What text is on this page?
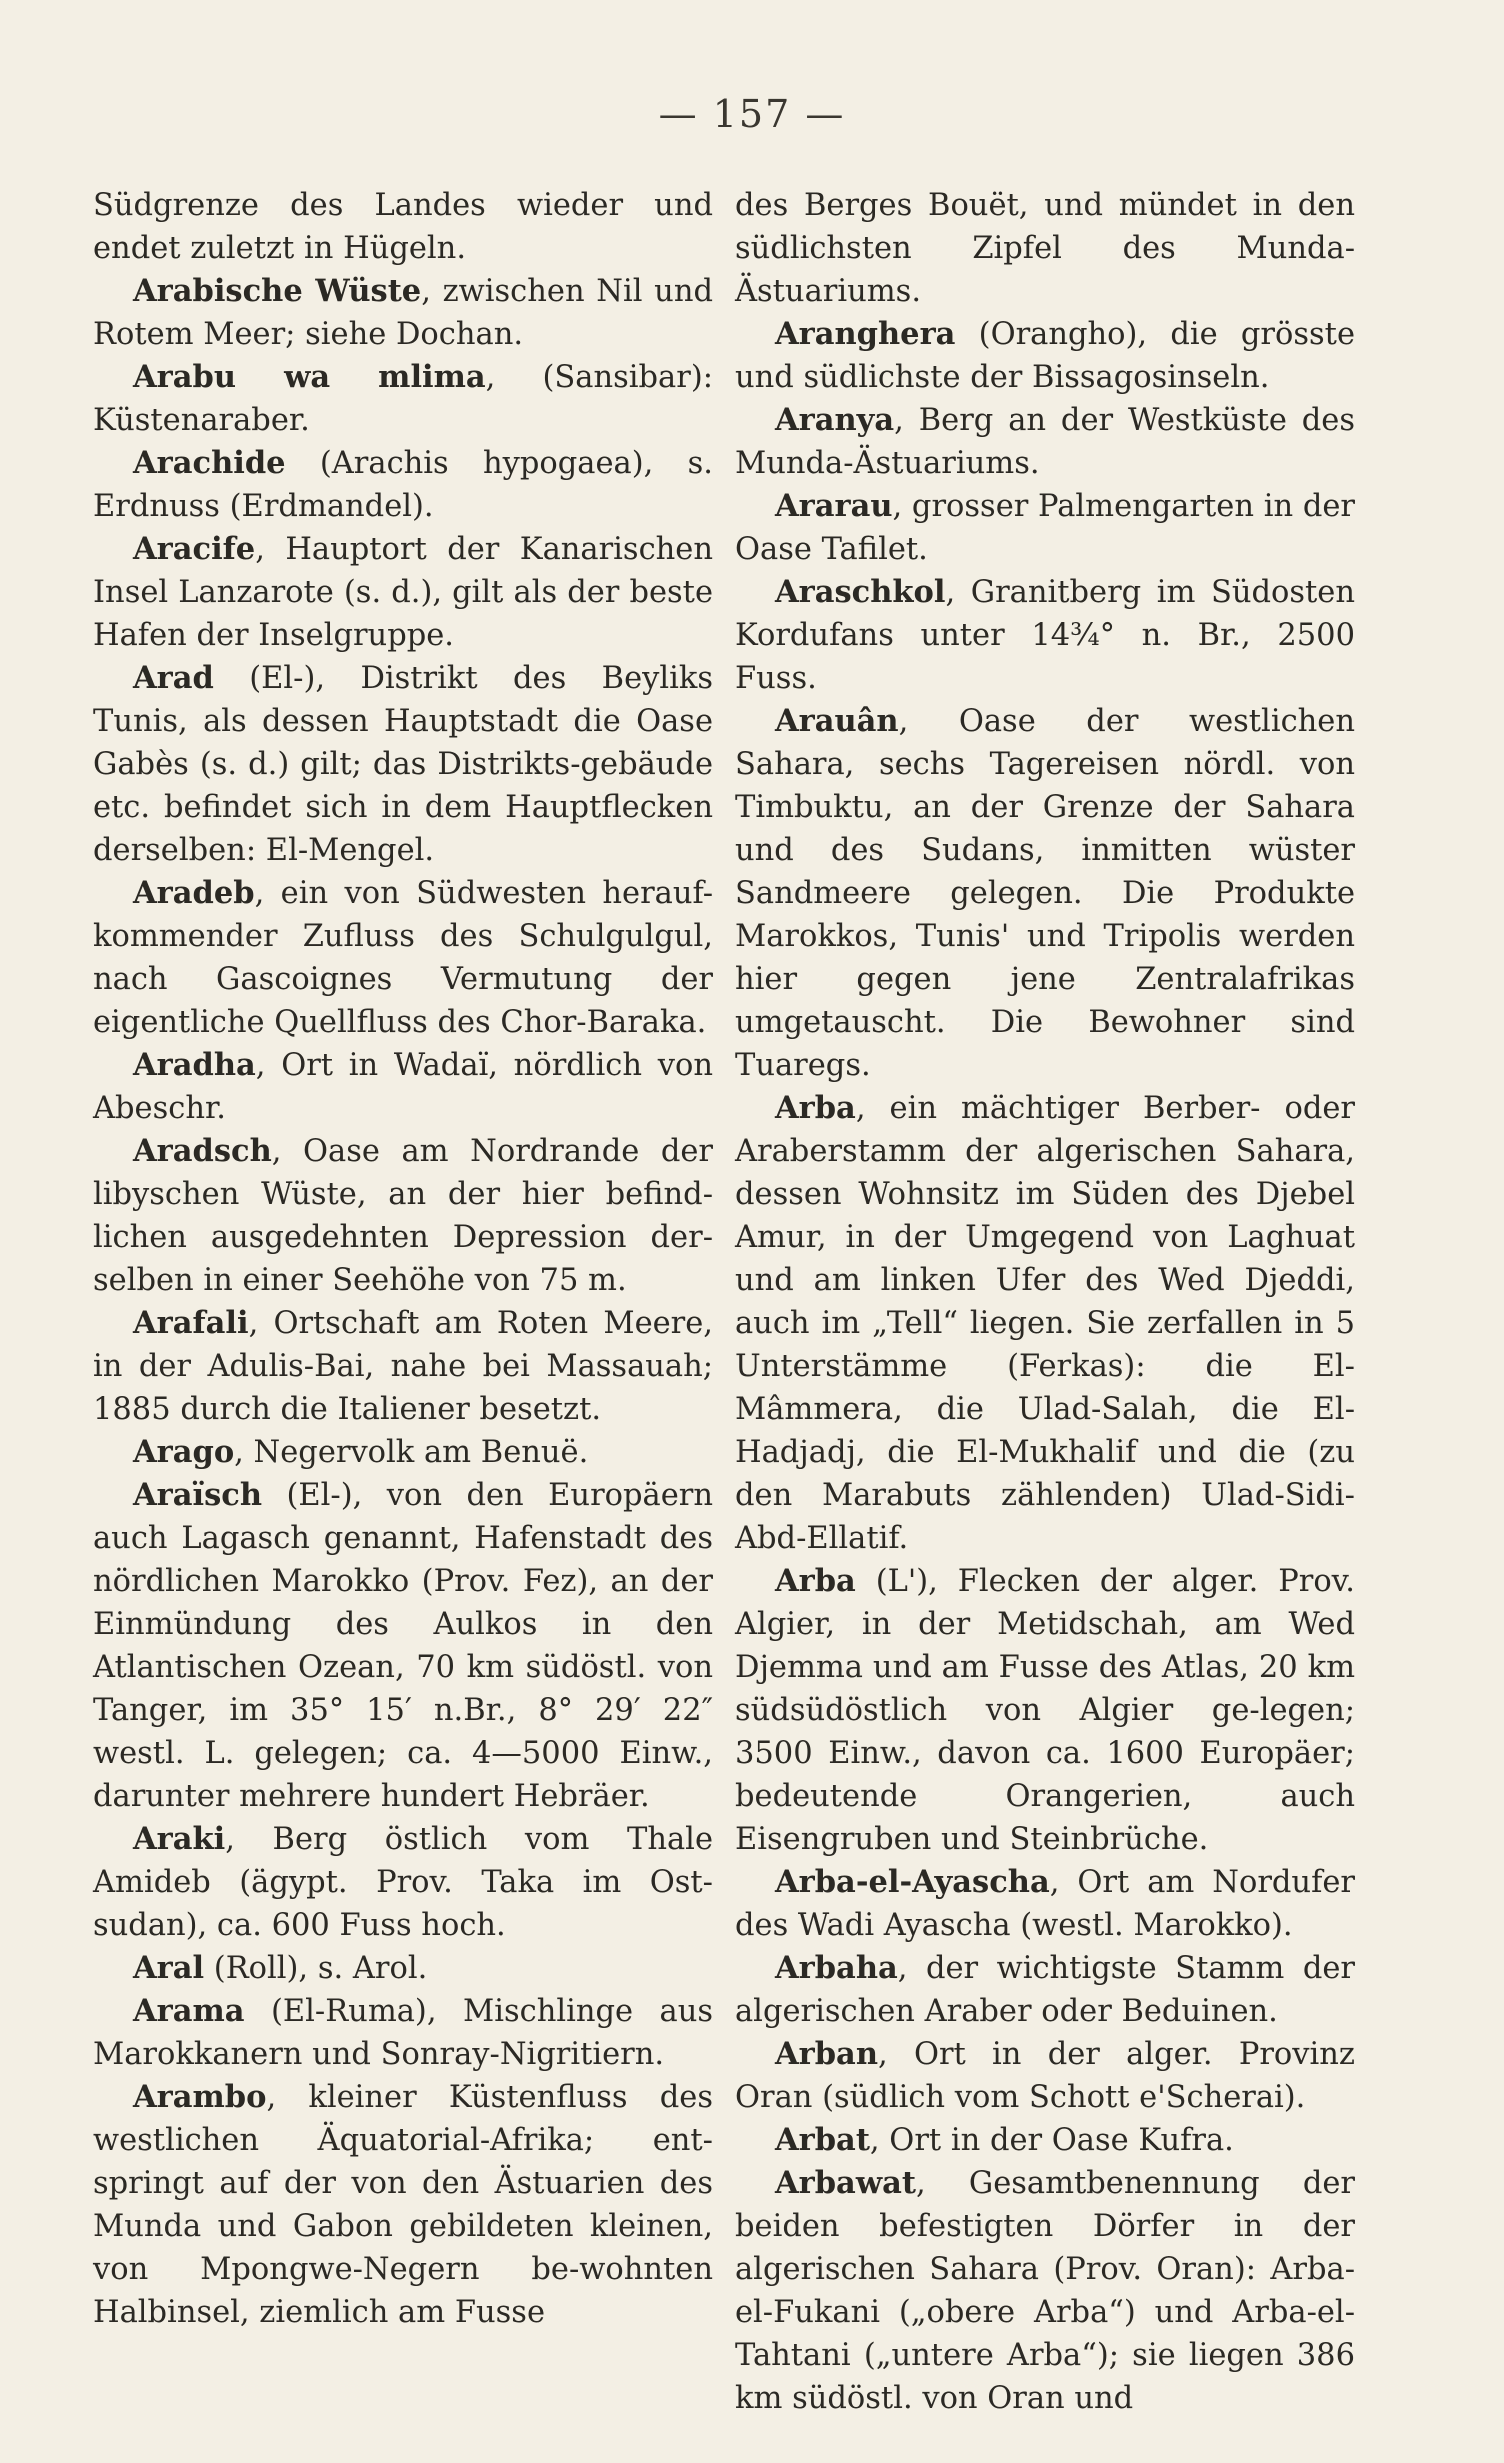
— 157 —

Südgrenze des Landes wieder und endet zuletzt in Hügeln.

Arabische Wüste, zwischen Nil und Rotem Meer; siehe Dochan.

Arabu wa mlima, (Sansibar): Küstenaraber.

Arachide (Arachis hypogaea), s. Erdnuss (Erdmandel).

Aracife, Hauptort der Kanarischen Insel Lanzarote (s. d.), gilt als der beste Hafen der Inselgruppe.

Arad (El-), Distrikt des Beyliks Tunis, als dessen Hauptstadt die Oase Gabès (s. d.) gilt; das Distrikts-gebäude etc. befindet sich in dem Hauptflecken derselben: El-Mengel.

Aradeb, ein von Südwesten herauf-kommender Zufluss des Schulgulgul, nach Gascoignes Vermutung der eigentliche Quellfluss des Chor-Baraka.

Aradha, Ort in Wadaï, nördlich von Abeschr.

Aradsch, Oase am Nordrande der libyschen Wüste, an der hier befind-lichen ausgedehnten Depression der-selben in einer Seehöhe von 75 m.

Arafali, Ortschaft am Roten Meere, in der Adulis-Bai, nahe bei Massauah; 1885 durch die Italiener besetzt.

Arago, Negervolk am Benuë.

Araïsch (El-), von den Europäern auch Lagasch genannt, Hafenstadt des nördlichen Marokko (Prov. Fez), an der Einmündung des Aulkos in den Atlantischen Ozean, 70 km südöstl. von Tanger, im 35° 15′ n.Br., 8° 29′ 22″ westl. L. gelegen; ca. 4—5000 Einw., darunter mehrere hundert Hebräer.

Araki, Berg östlich vom Thale Amideb (ägypt. Prov. Taka im Ost-sudan), ca. 600 Fuss hoch.

Aral (Roll), s. Arol.

Arama (El-Ruma), Mischlinge aus Marokkanern und Sonray-Nigritiern.

Arambo, kleiner Küstenfluss des westlichen Äquatorial-Afrika; ent-springt auf der von den Ästuarien des Munda und Gabon gebildeten kleinen, von Mpongwe-Negern be-wohnten Halbinsel, ziemlich am Fusse

des Berges Bouët, und mündet in den südlichsten Zipfel des Munda-Ästuariums.

Aranghera (Orangho), die grösste und südlichste der Bissagosinseln.

Aranya, Berg an der Westküste des Munda-Ästuariums.

Ararau, grosser Palmengarten in der Oase Tafilet.

Araschkol, Granitberg im Südosten Kordufans unter 14¾° n. Br., 2500 Fuss.

Arauân, Oase der westlichen Sahara, sechs Tagereisen nördl. von Timbuktu, an der Grenze der Sahara und des Sudans, inmitten wüster Sandmeere gelegen. Die Produkte Marokkos, Tunis' und Tripolis werden hier gegen jene Zentralafrikas umgetauscht. Die Bewohner sind Tuaregs.

Arba, ein mächtiger Berber- oder Araberstamm der algerischen Sahara, dessen Wohnsitz im Süden des Djebel Amur, in der Umgegend von Laghuat und am linken Ufer des Wed Djeddi, auch im „Tell“ liegen. Sie zerfallen in 5 Unterstämme (Ferkas): die El-Mâmmera, die Ulad-Salah, die El-Hadjadj, die El-Mukhalif und die (zu den Marabuts zählenden) Ulad-Sidi-Abd-Ellatif.

Arba (L'), Flecken der alger. Prov. Algier, in der Metidschah, am Wed Djemma und am Fusse des Atlas, 20 km südsüdöstlich von Algier ge-legen; 3500 Einw., davon ca. 1600 Europäer; bedeutende Orangerien, auch Eisengruben und Steinbrüche.

Arba-el-Ayascha, Ort am Nordufer des Wadi Ayascha (westl. Marokko).

Arbaha, der wichtigste Stamm der algerischen Araber oder Beduinen.

Arban, Ort in der alger. Provinz Oran (südlich vom Schott e'Scherai).

Arbat, Ort in der Oase Kufra.

Arbawat, Gesamtbenennung der beiden befestigten Dörfer in der algerischen Sahara (Prov. Oran): Arba-el-Fukani („obere Arba“) und Arba-el-Tahtani („untere Arba“); sie liegen 386 km südöstl. von Oran und
